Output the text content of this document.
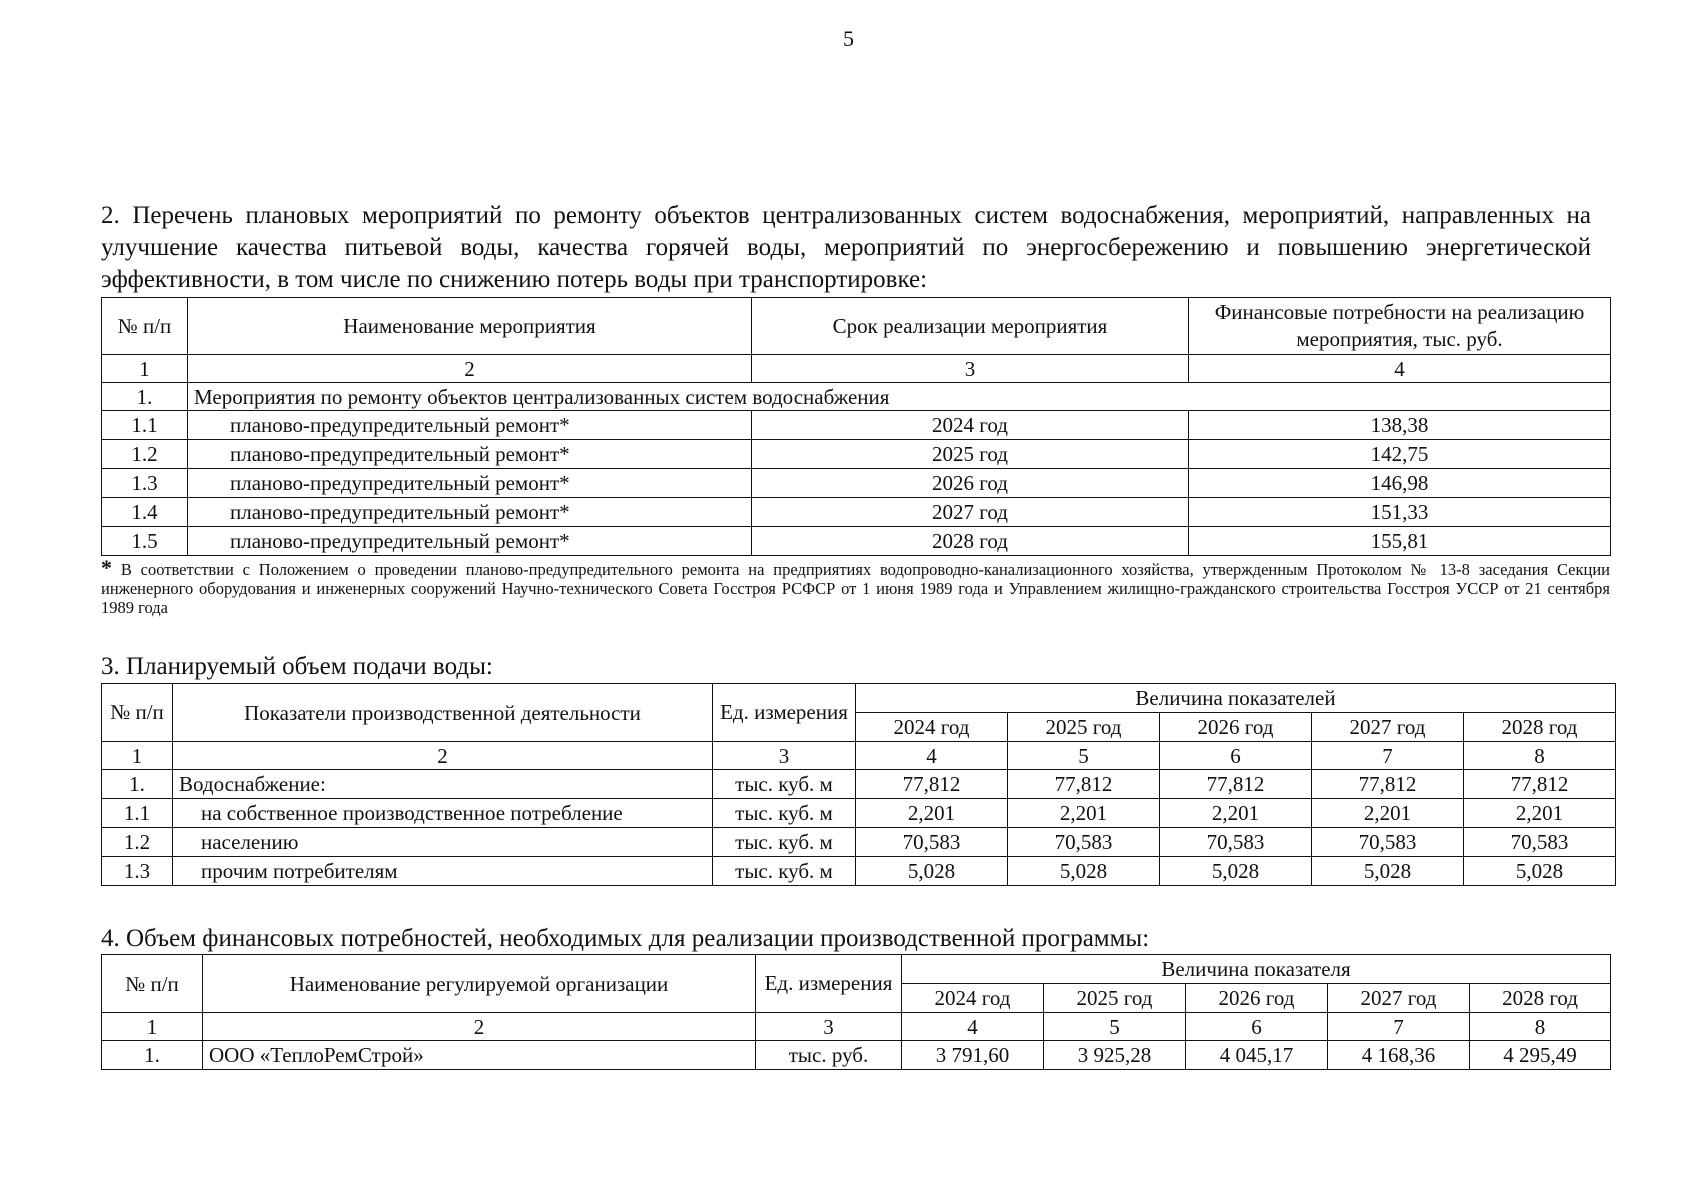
5
2. Перечень плановых мероприятий по ремонту объектов централизованных систем водоснабжения, мероприятий, направленных на улучшение качества питьевой воды, качества горячей воды, мероприятий по энергосбережению и повышению энергетической эффективности, в том числе по снижению потерь воды при транспортировке:
№ п/п	Наименование мероприятия	Срок реализации мероприятия	Финансовые потребности на реализацию мероприятия, тыс. руб.
1	2	3	4
1.	Мероприятия по ремонту объектов централизованных систем водоснабжения		
1.1	планово-предупредительный ремонт*	2024 год	138,38
1.2	планово-предупредительный ремонт*	2025 год	142,75
1.3	планово-предупредительный ремонт*	2026 год	146,98
1.4	планово-предупредительный ремонт*	2027 год	151,33
1.5	планово-предупредительный ремонт*	2028 год	155,81
* В соответствии с Положением о проведении планово-предупредительного ремонта на предприятиях водопроводно-канализационного хозяйства, утвержденным Протоколом № 13-8 заседания Секции инженерного оборудования и инженерных сооружений Научно-технического Совета Госстроя РСФСР от 1 июня 1989 года и Управлением жилищно-гражданского строительства Госстроя УССР от 21 сентября 1989 года
3. Планируемый объем подачи воды:
№ п/п	Показатели производственной деятельности	Ед. измерения	Величина показателей				
			2024 год	2025 год	2026 год	2027 год	2028 год
1	2	3	4	5	6	7	8
1.	Водоснабжение:	тыс. куб. м	77,812	77,812	77,812	77,812	77,812
1.1	на собственное производственное потребление	тыс. куб. м	2,201	2,201	2,201	2,201	2,201
1.2	населению	тыс. куб. м	70,583	70,583	70,583	70,583	70,583
1.3	прочим потребителям	тыс. куб. м	5,028	5,028	5,028	5,028	5,028
4. Объем финансовых потребностей, необходимых для реализации производственной программы:
№ п/п	Наименование регулируемой организации	Ед. измерения	Величина показателя				
			2024 год	2025 год	2026 год	2027 год	2028 год
1	2	3	4	5	6	7	8
1.	ООО «ТеплоРемСтрой»	тыс. руб.	3 791,60	3 925,28	4 045,17	4 168,36	4 295,49
